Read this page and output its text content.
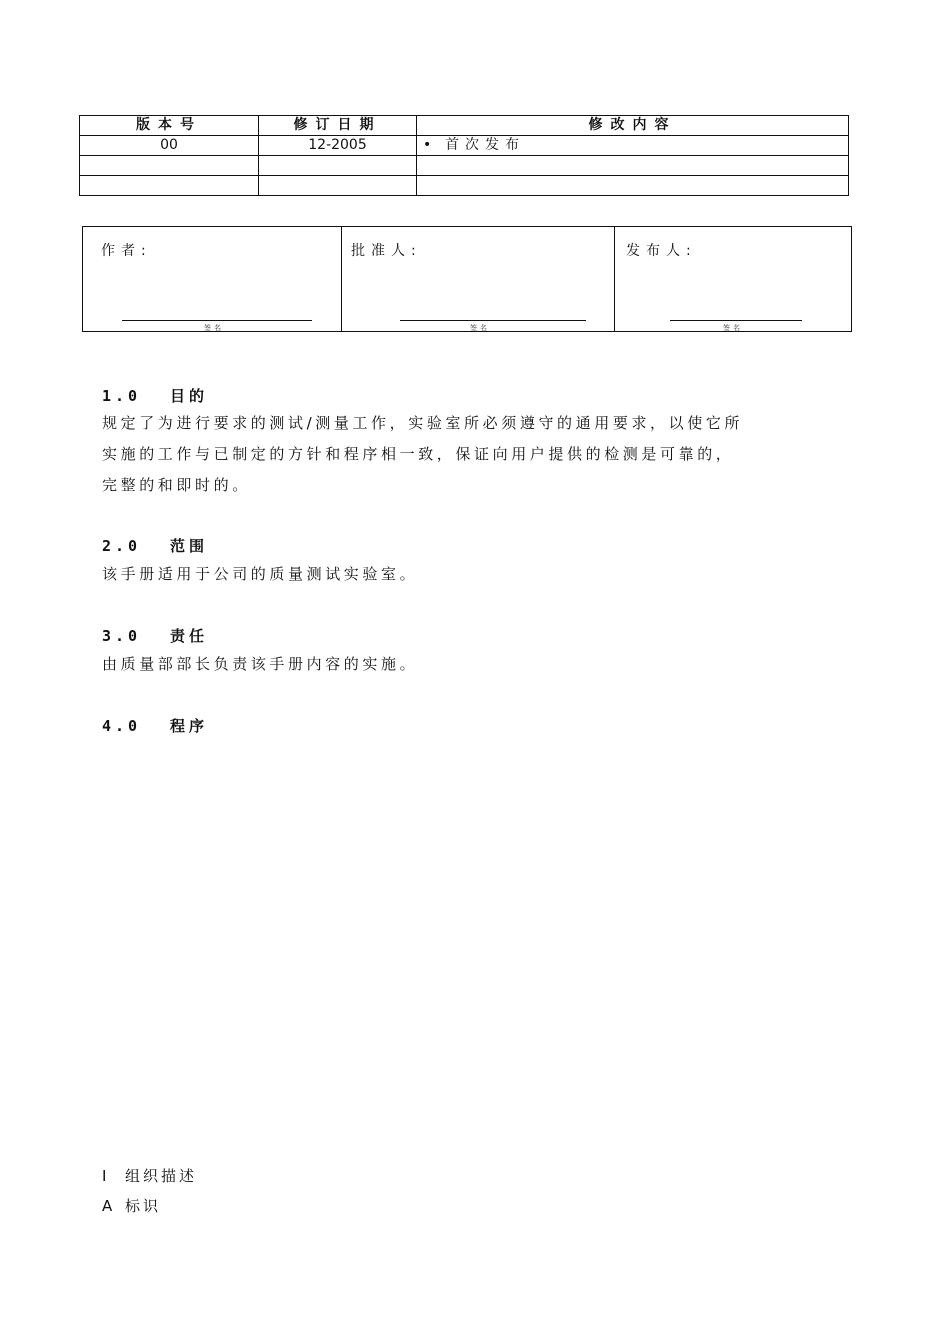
版本号	修订日期	修改内容
00	12-2005	• 首次发布

作者:
签名

批准人:
签名

发布人:
签名
1.0 目的
规定了为进行要求的测试/测量工作，实验室所必须遵守的通用要求，以使它所
实施的工作与已制定的方针和程序相一致，保证向用户提供的检测是可靠的，
完整的和即时的。
2.0 范围
该手册适用于公司的质量测试实验室。
3.0 责任
由质量部部长负责该手册内容的实施。
4.0 程序
I 组织描述
A 标识
